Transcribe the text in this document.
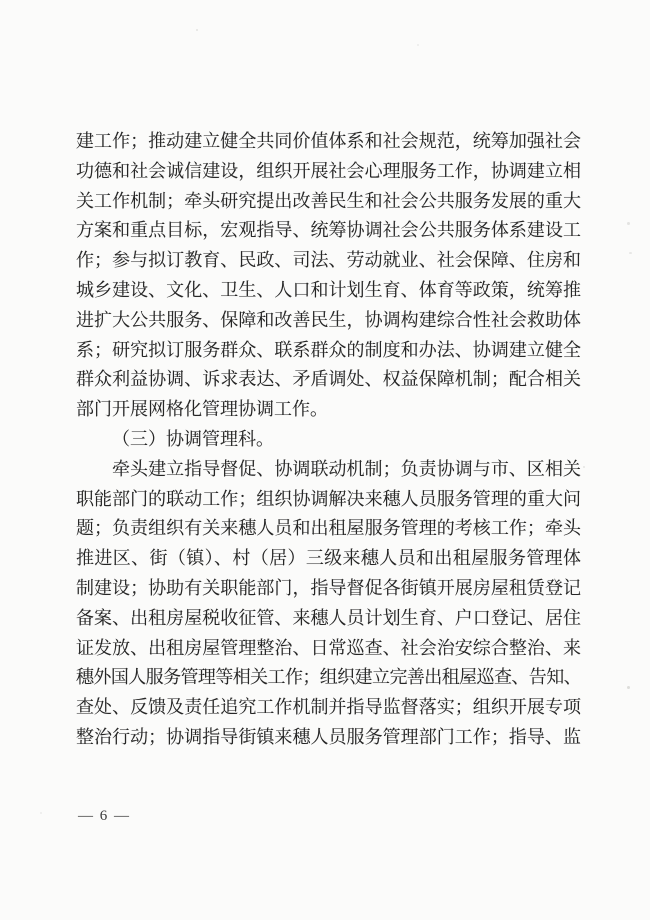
建工作；推动建立健全共同价值体系和社会规范，统筹加强社会
功德和社会诚信建设，组织开展社会心理服务工作，协调建立相
关工作机制；牵头研究提出改善民生和社会公共服务发展的重大
方案和重点目标，宏观指导、统筹协调社会公共服务体系建设工
作；参与拟订教育、民政、司法、劳动就业、社会保障、住房和
城乡建设、文化、卫生、人口和计划生育、体育等政策，统筹推
进扩大公共服务、保障和改善民生，协调构建综合性社会救助体
系；研究拟订服务群众、联系群众的制度和办法、协调建立健全
群众利益协调、诉求表达、矛盾调处、权益保障机制；配合相关
部门开展网格化管理协调工作。
（三）协调管理科。
牵头建立指导督促、协调联动机制；负责协调与市、区相关
职能部门的联动工作；组织协调解决来穗人员服务管理的重大问
题；负责组织有关来穗人员和出租屋服务管理的考核工作；牵头
推进区、街（镇）、村（居）三级来穗人员和出租屋服务管理体
制建设；协助有关职能部门，指导督促各街镇开展房屋租赁登记
备案、出租房屋税收征管、来穗人员计划生育、户口登记、居住
证发放、出租房屋管理整治、日常巡查、社会治安综合整治、来
穗外国人服务管理等相关工作；组织建立完善出租屋巡查、告知、
查处、反馈及责任追究工作机制并指导监督落实；组织开展专项
整治行动；协调指导街镇来穗人员服务管理部门工作；指导、监
— 6 —
